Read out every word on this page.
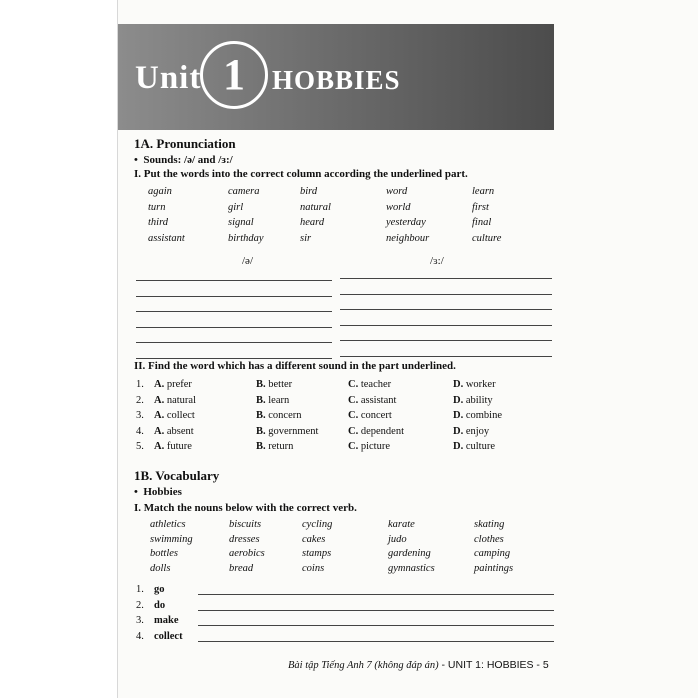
Unit 1	HOBBIES
1A. Pronunciation
• Sounds: /ə/ and /ɜ:/
I. Put the words into the correct column according the underlined part.
again	camera	bird	word	learn
turn	girl	natural	world	first
third	signal	heard	yesterday	final
assistant	birthday	sir	neighbour	culture
/ə/	/ɜ:/
II. Find the word which has a different sound in the part underlined.
1. A. prefer	B. better	C. teacher	D. worker
2. A. natural	B. learn	C. assistant	D. ability
3. A. collect	B. concern	C. concert	D. combine
4. A. absent	B. government	C. dependent	D. enjoy
5. A. future	B. return	C. picture	D. culture
1B. Vocabulary
• Hobbies
I. Match the nouns below with the correct verb.
athletics	biscuits	cycling	karate	skating
swimming	dresses	cakes	judo	clothes
bottles	aerobics	stamps	gardening	camping
dolls	bread	coins	gymnastics	paintings
1. go
2. do
3. make
4. collect
Bài tập Tiếng Anh 7 (không đáp án) - UNIT 1: HOBBIES - 5
